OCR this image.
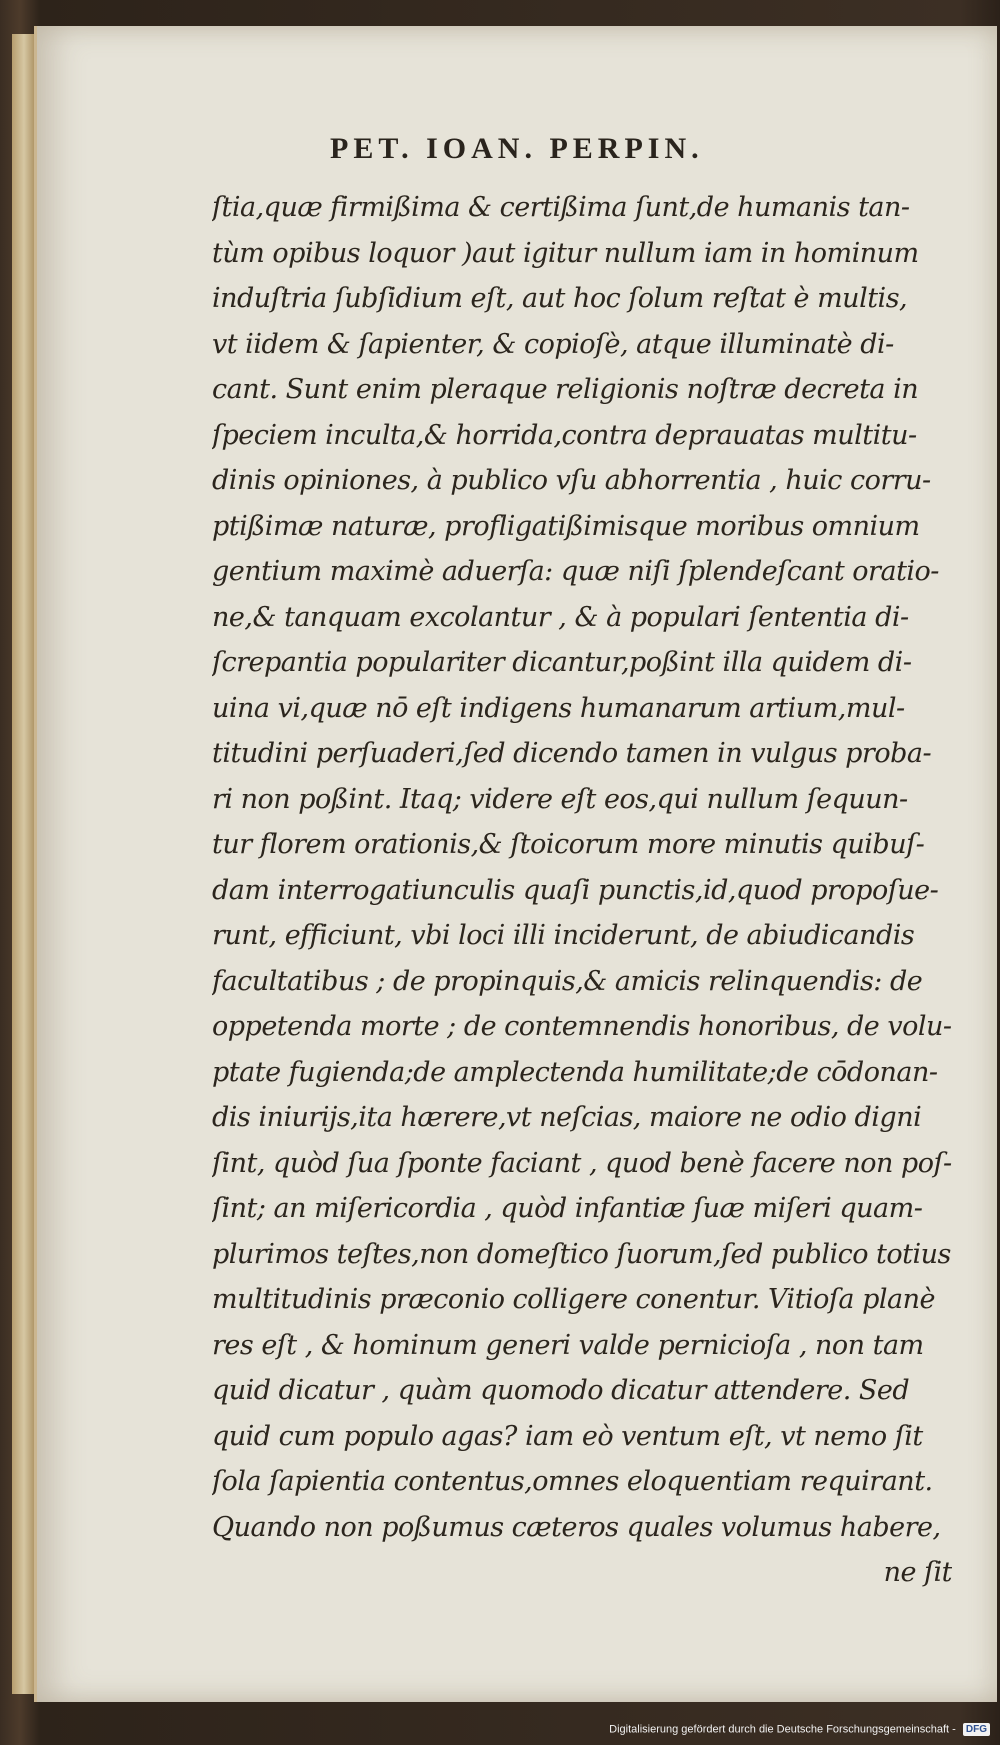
PET. IOAN. PERPIN.
ſtia,quæ firmißima & certißima ſunt,de humanis tan-
tùm opibus loquor )aut igitur nullum iam in hominum
induſtria ſubſidium eſt, aut hoc ſolum reſtat è multis,
vt iidem & ſapienter, & copioſè, atque illuminatè di-
cant. Sunt enim pleraque religionis noſtræ decreta in
ſpeciem inculta,& horrida,contra deprauatas multitu-
dinis opiniones, à publico vſu abhorrentia , huic corru-
ptißimæ naturæ, profligatißimisque moribus omnium
gentium maximè aduerſa: quæ niſi ſplendeſcant oratio-
ne,& tanquam excolantur , & à populari ſententia di-
ſcrepantia populariter dicantur,poßint illa quidem di-
uina vi,quæ nō eſt indigens humanarum artium,mul-
titudini perſuaderi,ſed dicendo tamen in vulgus proba-
ri non poßint. Itaq; videre eſt eos,qui nullum ſequun-
tur florem orationis,& ſtoicorum more minutis quibuſ-
dam interrogatiunculis quaſi punctis,id,quod propoſue-
runt, efficiunt, vbi loci illi inciderunt, de abiudicandis
facultatibus ; de propinquis,& amicis relinquendis: de
oppetenda morte ; de contemnendis honoribus, de volu-
ptate fugienda;de amplectenda humilitate;de cōdonan-
dis iniurijs,ita hærere,vt neſcias, maiore ne odio digni
ſint, quòd ſua ſponte faciant , quod benè facere non poſ-
ſint; an miſericordia , quòd infantiæ ſuæ miſeri quam-
plurimos teſtes,non domeſtico ſuorum,ſed publico totius
multitudinis præconio colligere conentur. Vitioſa planè
res eſt , & hominum generi valde pernicioſa , non tam
quid dicatur , quàm quomodo dicatur attendere. Sed
quid cum populo agas? iam eò ventum eſt, vt nemo ſit
ſola ſapientia contentus,omnes eloquentiam requirant.
Quando non poßumus cæteros quales volumus habere,
ne ſit
Digitalisierung gefördert durch die Deutsche Forschungsgemeinschaft - DFG
